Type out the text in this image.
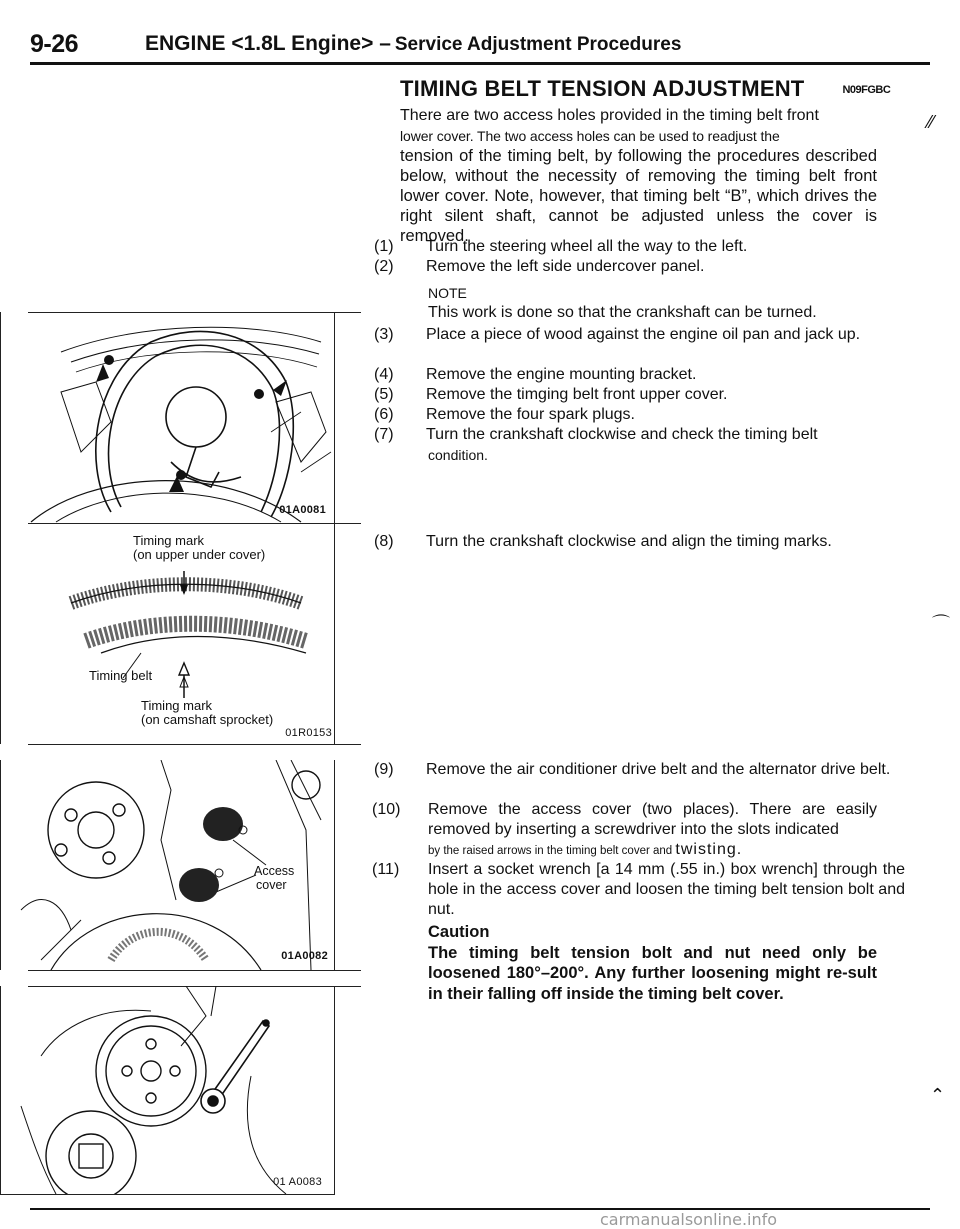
9-26	ENGINE <1.8L Engine> – Service Adjustment Procedures
TIMING BELT TENSION ADJUSTMENT	N09FGBC

There are two access holes provided in the timing belt front

lower cover. The two access holes can be used to readjust the

tension of the timing belt, by following the procedures described below, without the necessity of removing the timing belt front lower cover. Note, however, that timing belt “B”, which drives the right silent shaft, cannot be adjusted unless the cover is removed.

(1) Turn the steering wheel all the way to the left.
(2) Remove the left side undercover panel.
NOTE
This work is done so that the crankshaft can be turned.
(3) Place a piece of wood against the engine oil pan and jack up.
(4) Remove the engine mounting bracket.
(5) Remove the timging belt front upper cover.
(6) Remove the four spark plugs.
(7) Turn the crankshaft clockwise and check the timing belt
condition.
(8) Turn the crankshaft clockwise and align the timing marks.
(9) Remove the air conditioner drive belt and the alternator drive belt.
(10) Remove the access cover (two places). There are easily removed by inserting a screwdriver into the slots indicated
by the raised arrows in the timing belt cover and twisting.
(11) Insert a socket wrench [a 14 mm (.55 in.) box wrench] through the hole in the access cover and loosen the timing belt tension bolt and nut.
Caution
The timing belt tension bolt and nut need only be loosened 180°–200°. Any further loosening might re-sult in their falling off inside the timing belt cover.
01A0081
Timing mark
(on upper under cover)
Timing belt
Timing mark
(on camshaft sprocket)
01R0153
Access
cover
01A0082
01 A0083
⁄⁄
⌒
⌃
carmanualsonline.info
